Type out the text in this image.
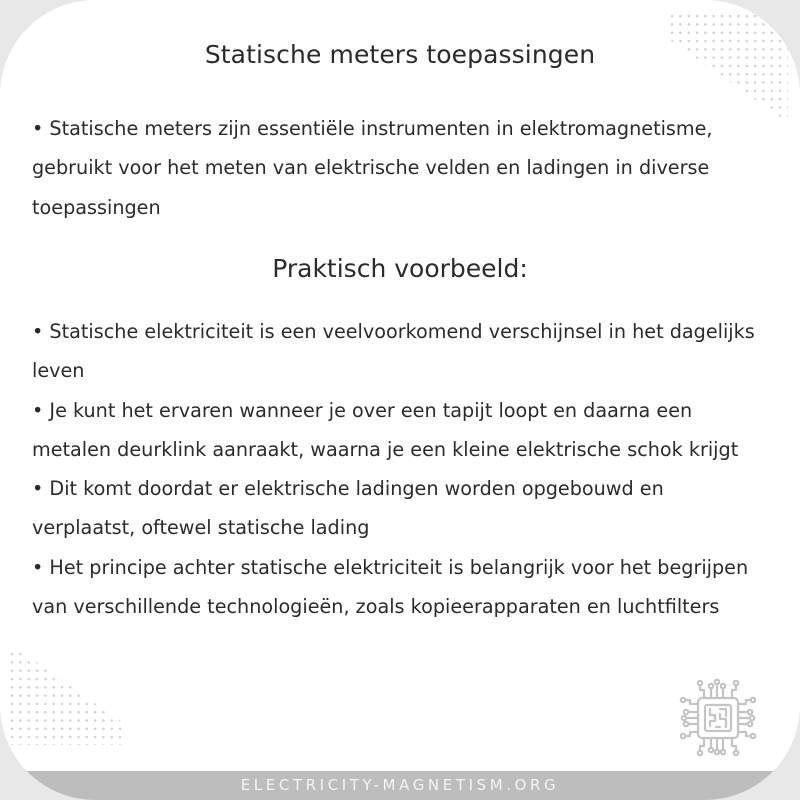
Statische meters toepassingen

• Statische meters zijn essentiële instrumenten in elektromagnetisme, gebruikt voor het meten van elektrische velden en ladingen in diverse toepassingen

Praktisch voorbeeld:

• Statische elektriciteit is een veelvoorkomend verschijnsel in het dagelijks leven
• Je kunt het ervaren wanneer je over een tapijt loopt en daarna een metalen deurklink aanraakt, waarna je een kleine elektrische schok krijgt
• Dit komt doordat er elektrische ladingen worden opgebouwd en verplaatst, oftewel statische lading
• Het principe achter statische elektriciteit is belangrijk voor het begrijpen van verschillende technologieën, zoals kopieerapparaten en luchtfilters

ELECTRICITY-MAGNETISM.ORG
